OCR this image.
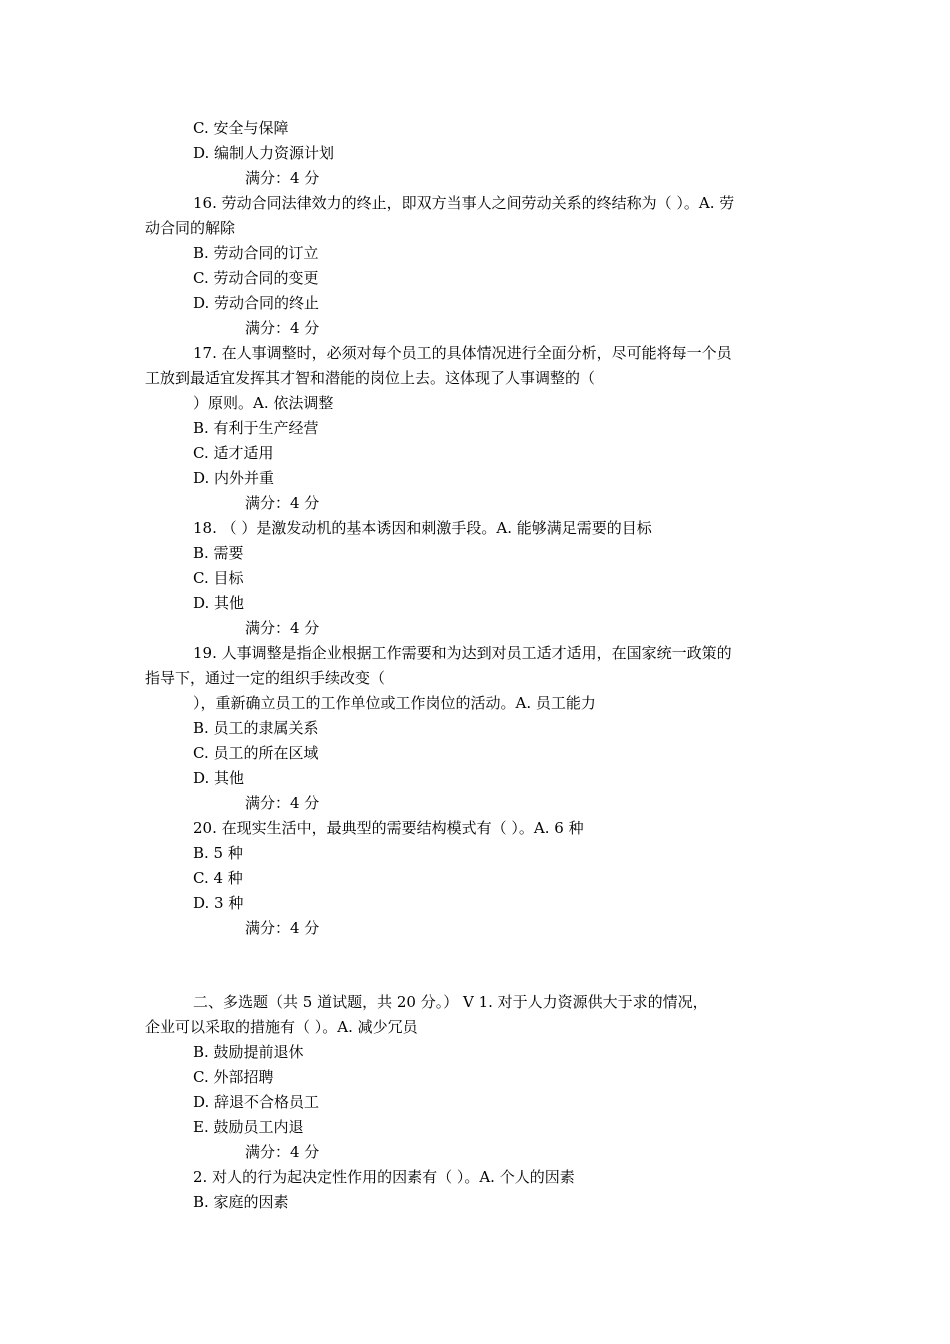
C. 安全与保障
D. 编制人力资源计划
满分：4 分
16. 劳动合同法律效力的终止，即双方当事人之间劳动关系的终结称为（ ）。A. 劳
动合同的解除
B. 劳动合同的订立
C. 劳动合同的变更
D. 劳动合同的终止
满分：4 分
17. 在人事调整时，必须对每个员工的具体情况进行全面分析，尽可能将每一个员
工放到最适宜发挥其才智和潜能的岗位上去。这体现了人事调整的（
）原则。A. 依法调整
B. 有利于生产经营
C. 适才适用
D. 内外并重
满分：4 分
18. （ ）是激发动机的基本诱因和刺激手段。A. 能够满足需要的目标
B. 需要
C. 目标
D. 其他
满分：4 分
19. 人事调整是指企业根据工作需要和为达到对员工适才适用，在国家统一政策的
指导下，通过一定的组织手续改变（
），重新确立员工的工作单位或工作岗位的活动。A. 员工能力
B. 员工的隶属关系
C. 员工的所在区域
D. 其他
满分：4 分
20. 在现实生活中，最典型的需要结构模式有（ ）。A. 6 种
B. 5 种
C. 4 种
D. 3 种
满分：4 分
二、多选题（共 5 道试题，共 20 分。） V 1. 对于人力资源供大于求的情况，
企业可以采取的措施有（ ）。A. 减少冗员
B. 鼓励提前退休
C. 外部招聘
D. 辞退不合格员工
E. 鼓励员工内退
满分：4 分
2. 对人的行为起决定性作用的因素有（ ）。A. 个人的因素
B. 家庭的因素
